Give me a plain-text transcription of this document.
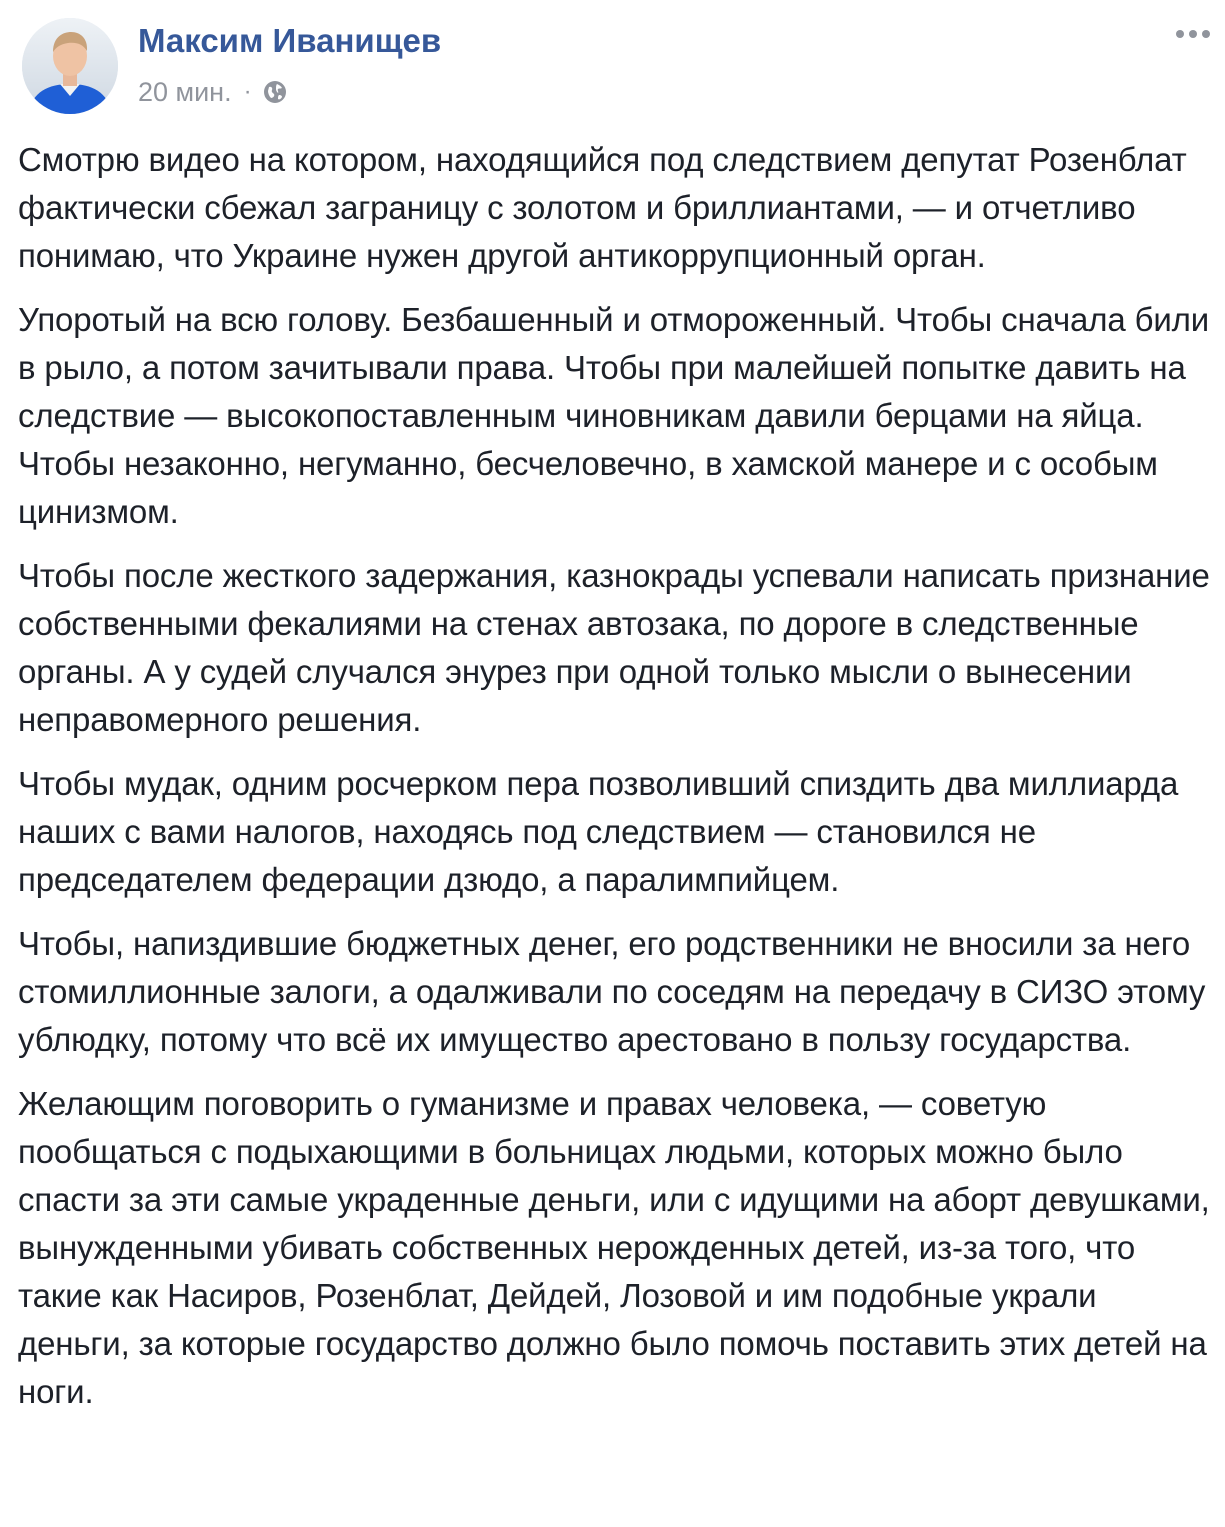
Максим Иванищев
20 мин. ·

Смотрю видео на котором, находящийся под следствием депутат Розенблат фактически сбежал заграницу с золотом и бриллиантами, — и отчетливо понимаю, что Украине нужен другой антикоррупционный орган.

Упоротый на всю голову. Безбашенный и отмороженный. Чтобы сначала били в рыло, а потом зачитывали права. Чтобы при малейшей попытке давить на следствие — высокопоставленным чиновникам давили берцами на яйца. Чтобы незаконно, негуманно, бесчеловечно, в хамской манере и с особым цинизмом.

Чтобы после жесткого задержания, казнокрады успевали написать признание собственными фекалиями на стенах автозака, по дороге в следственные органы. А у судей случался энурез при одной только мысли о вынесении неправомерного решения.

Чтобы мудак, одним росчерком пера позволивший спиздить два миллиарда наших с вами налогов, находясь под следствием — становился не председателем федерации дзюдо, а паралимпийцем.

Чтобы, напиздившие бюджетных денег, его родственники не вносили за него стомиллионные залоги, а одалживали по соседям на передачу в СИЗО этому ублюдку, потому что всё их имущество арестовано в пользу государства.

Желающим поговорить о гуманизме и правах человека, — советую пообщаться с подыхающими в больницах людьми, которых можно было спасти за эти самые украденные деньги, или с идущими на аборт девушками, вынужденными убивать собственных нерожденных детей, из-за того, что такие как Насиров, Розенблат, Дейдей, Лозовой и им подобные украли деньги, за которые государство должно было помочь поставить этих детей на ноги.
